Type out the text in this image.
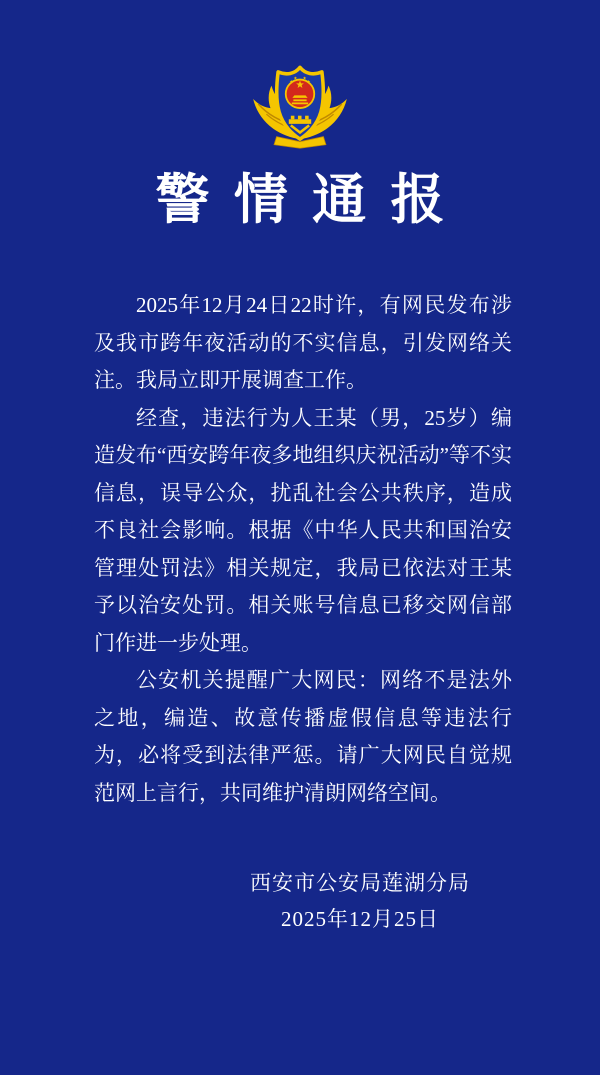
警情通报

2025年12月24日22时许，有网民发布涉及我市跨年夜活动的不实信息，引发网络关注。我局立即开展调查工作。

经查，违法行为人王某（男，25岁）编造发布“西安跨年夜多地组织庆祝活动”等不实信息，误导公众，扰乱社会公共秩序，造成不良社会影响。根据《中华人民共和国治安管理处罚法》相关规定，我局已依法对王某予以治安处罚。相关账号信息已移交网信部门作进一步处理。

公安机关提醒广大网民：网络不是法外之地，编造、故意传播虚假信息等违法行为，必将受到法律严惩。请广大网民自觉规范网上言行，共同维护清朗网络空间。

西安市公安局莲湖分局
2025年12月25日
